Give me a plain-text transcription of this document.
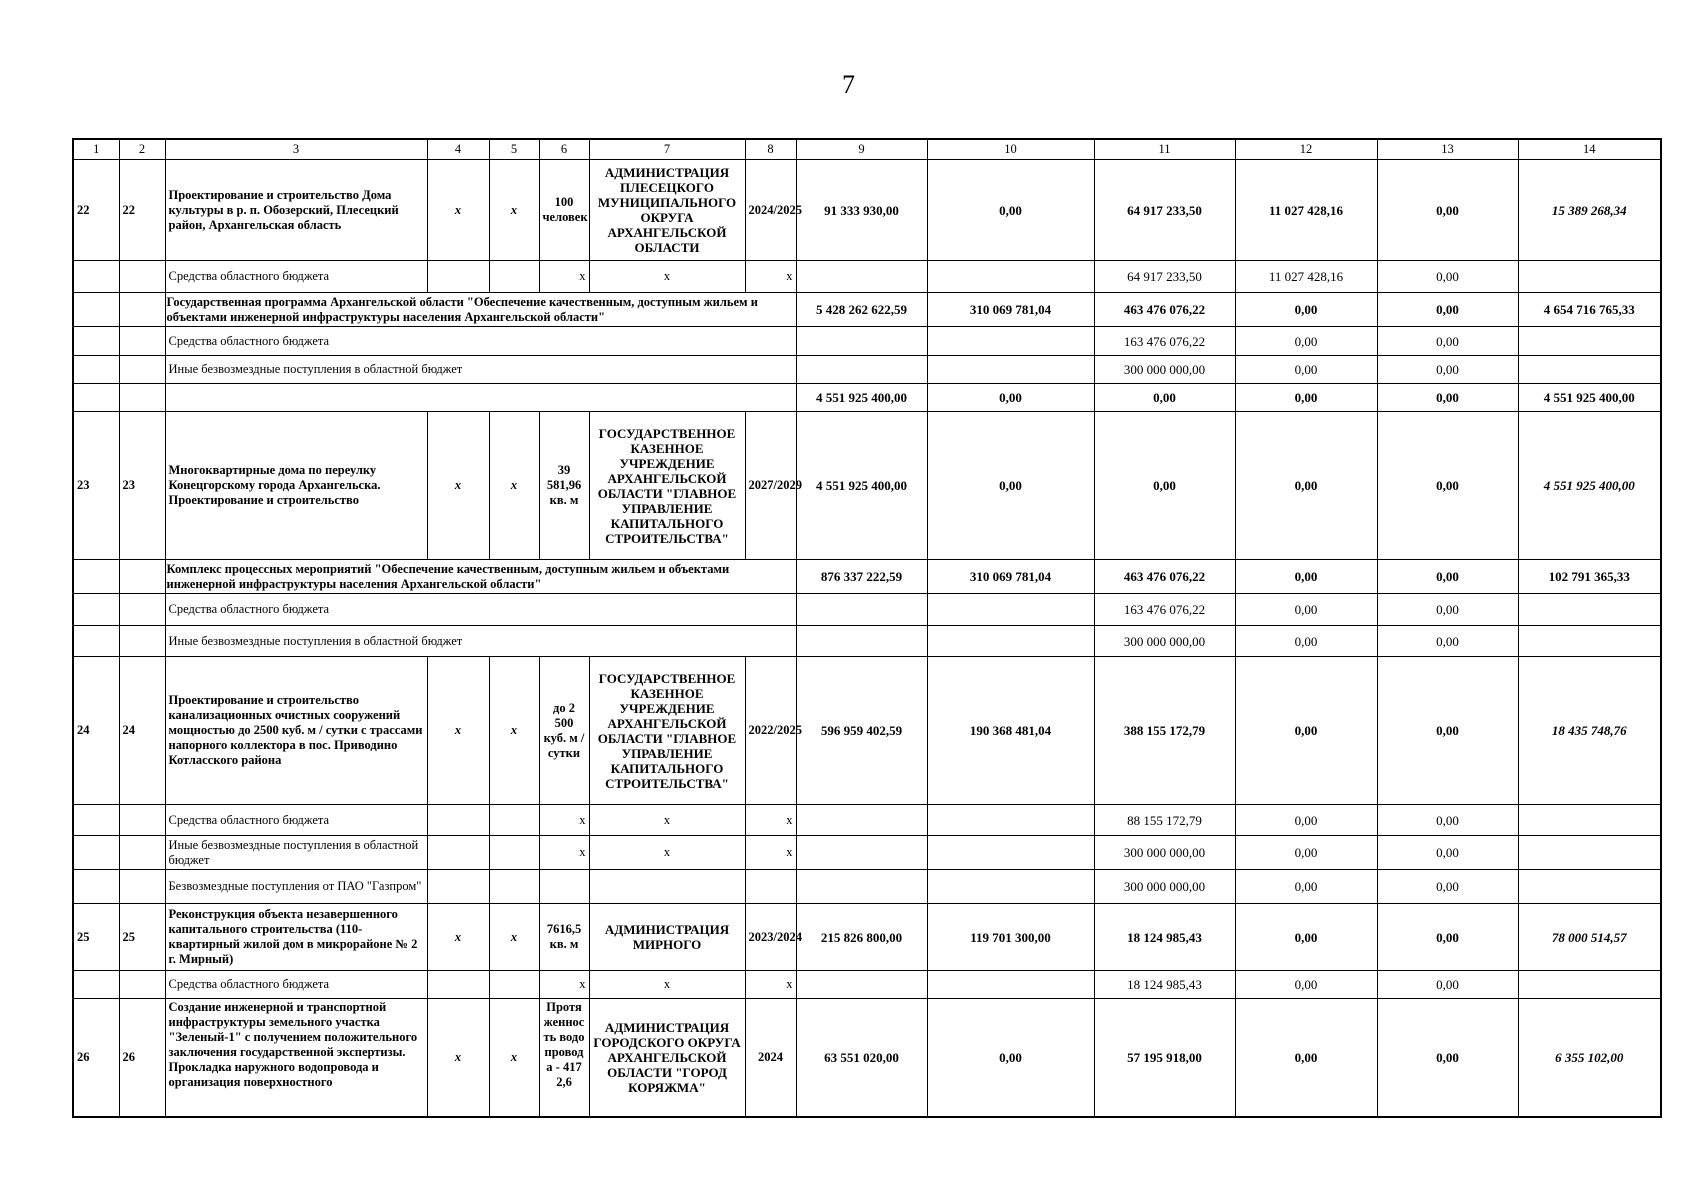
7
1	2	3	4	5	6	7	8	9	10	11	12	13	14
22	22	Проектирование и строительство Дома культуры в р. п. Обозерский, Плесецкий район, Архангельская область	x	x	100 человек	АДМИНИСТРАЦИЯ ПЛЕСЕЦКОГО МУНИЦИПАЛЬНОГО ОКРУГА АРХАНГЕЛЬСКОЙ ОБЛАСТИ	2024/2025	91 333 930,00	0,00	64 917 233,50	11 027 428,16	0,00	15 389 268,34
		Средства областного бюджета			x	x	x			64 917 233,50	11 027 428,16	0,00	
		Государственная программа Архангельской области "Обеспечение качественным, доступным жильем и объектами инженерной инфраструктуры населения Архангельской области"						5 428 262 622,59	310 069 781,04	463 476 076,22	0,00	0,00	4 654 716 765,33
		Средства областного бюджета								163 476 076,22	0,00	0,00	
		Иные безвозмездные поступления в областной бюджет								300 000 000,00	0,00	0,00	
								4 551 925 400,00	0,00	0,00	0,00	0,00	4 551 925 400,00
23	23	Многоквартирные дома по переулку Конецгорскому города Архангельска. Проектирование и строительство	x	x	39 581,96 кв. м	ГОСУДАРСТВЕННОЕ КАЗЕННОЕ УЧРЕЖДЕНИЕ АРХАНГЕЛЬСКОЙ ОБЛАСТИ "ГЛАВНОЕ УПРАВЛЕНИЕ КАПИТАЛЬНОГО СТРОИТЕЛЬСТВА"	2027/2029	4 551 925 400,00	0,00	0,00	0,00	0,00	4 551 925 400,00
		Комплекс процессных мероприятий "Обеспечение качественным, доступным жильем и объектами инженерной инфраструктуры населения Архангельской области"						876 337 222,59	310 069 781,04	463 476 076,22	0,00	0,00	102 791 365,33
		Средства областного бюджета								163 476 076,22	0,00	0,00	
		Иные безвозмездные поступления в областной бюджет								300 000 000,00	0,00	0,00	
24	24	Проектирование и строительство канализационных очистных сооружений мощностью до 2500 куб. м / сутки с трассами напорного коллектора в пос. Приводино Котласского района	x	x	до 2 500 куб. м / сутки	ГОСУДАРСТВЕННОЕ КАЗЕННОЕ УЧРЕЖДЕНИЕ АРХАНГЕЛЬСКОЙ ОБЛАСТИ "ГЛАВНОЕ УПРАВЛЕНИЕ КАПИТАЛЬНОГО СТРОИТЕЛЬСТВА"	2022/2025	596 959 402,59	190 368 481,04	388 155 172,79	0,00	0,00	18 435 748,76
		Средства областного бюджета			x	x	x			88 155 172,79	0,00	0,00	
		Иные безвозмездные поступления в областной бюджет			x	x	x			300 000 000,00	0,00	0,00	
		Безвозмездные поступления от ПАО "Газпром"								300 000 000,00	0,00	0,00	
25	25	Реконструкция объекта незавершенного капитального строительства (110-квартирный жилой дом в микрорайоне № 2 г. Мирный)	x	x	7616,5 кв. м	АДМИНИСТРАЦИЯ МИРНОГО	2023/2024	215 826 800,00	119 701 300,00	18 124 985,43	0,00	0,00	78 000 514,57
		Средства областного бюджета			x	x	x			18 124 985,43	0,00	0,00	
26	26	Создание инженерной и транспортной инфраструктуры земельного участка "Зеленый-1" с получением положительного заключения государственной экспертизы. Прокладка наружного водопровода и организация поверхностного	x	x	Протяженность водопровода - 4172,6	АДМИНИСТРАЦИЯ ГОРОДСКОГО ОКРУГА АРХАНГЕЛЬСКОЙ ОБЛАСТИ "ГОРОД КОРЯЖМА"	2024	63 551 020,00	0,00	57 195 918,00	0,00	0,00	6 355 102,00
